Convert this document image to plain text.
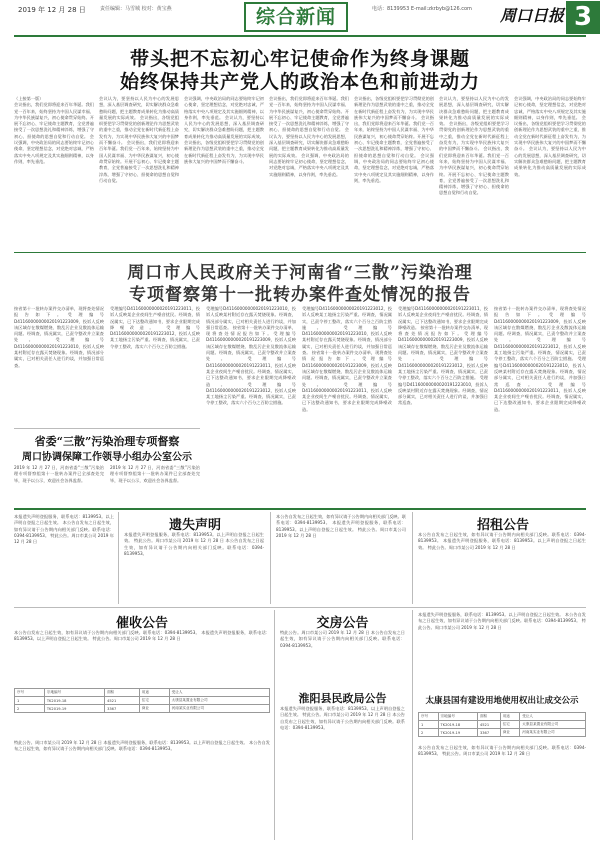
2019 年 12 月 28 日	责任编辑：马雪城 校对：黄宝燕	综合新闻	电话：8139953 E-mail:zkrbyb@126.com 周口日报 3
带头把不忘初心牢记使命作为终身课题
始终保持共产党人的政治本色和前进动力
（上接第一版）
会议指出，我们党即将迎来百年华诞。我们党一百年来，始终坚持为中国人民谋幸福、为中华民族谋复兴，初心使命贯穿始终。开展不忘初心、牢记使命主题教育，全党普遍接受了一次思想洗礼和精神淬炼，增强了守初心、担使命的思想自觉和行动自觉。 会议强调，中央政治局的同志要始终牢记初心使命，坚定理想信念，对党绝对忠诚，严格落实中央八项规定及其实施细则精神，以身作则，率先垂范。
会议认为，要坚持以人民为中心的发展思想，深入基层调查研究，切实解决群众急难愁盼问题，把主题教育成果转化为推动高质量发展的实际成效。 会议指出，各级党组织要把学习贯彻党的创新理论作为思想武装的重中之重，推动全党在新时代新征程上奋发有为，为实现中华民族伟大复兴的中国梦而不懈奋斗。 会议指出，我们党即将迎来百年华诞。我们党一百年来，始终坚持为中国人民谋幸福、为中华民族谋复兴，初心使命贯穿始终。开展不忘初心、牢记使命主题教育，全党普遍接受了一次思想洗礼和精神淬炼，增强了守初心、担使命的思想自觉和行动自觉。
会议强调，中央政治局的同志要始终牢记初心使命，坚定理想信念，对党绝对忠诚，严格落实中央八项规定及其实施细则精神，以身作则，率先垂范。 会议认为，要坚持以人民为中心的发展思想，深入基层调查研究，切实解决群众急难愁盼问题，把主题教育成果转化为推动高质量发展的实际成效。 会议指出，各级党组织要把学习贯彻党的创新理论作为思想武装的重中之重，推动全党在新时代新征程上奋发有为，为实现中华民族伟大复兴的中国梦而不懈奋斗。
会议指出，我们党即将迎来百年华诞。我们党一百年来，始终坚持为中国人民谋幸福、为中华民族谋复兴，初心使命贯穿始终。开展不忘初心、牢记使命主题教育，全党普遍接受了一次思想洗礼和精神淬炼，增强了守初心、担使命的思想自觉和行动自觉。 会议认为，要坚持以人民为中心的发展思想，深入基层调查研究，切实解决群众急难愁盼问题，把主题教育成果转化为推动高质量发展的实际成效。 会议强调，中央政治局的同志要始终牢记初心使命，坚定理想信念，对党绝对忠诚，严格落实中央八项规定及其实施细则精神，以身作则，率先垂范。
会议指出，各级党组织要把学习贯彻党的创新理论作为思想武装的重中之重，推动全党在新时代新征程上奋发有为，为实现中华民族伟大复兴的中国梦而不懈奋斗。 会议指出，我们党即将迎来百年华诞。我们党一百年来，始终坚持为中国人民谋幸福、为中华民族谋复兴，初心使命贯穿始终。开展不忘初心、牢记使命主题教育，全党普遍接受了一次思想洗礼和精神淬炼，增强了守初心、担使命的思想自觉和行动自觉。 会议强调，中央政治局的同志要始终牢记初心使命，坚定理想信念，对党绝对忠诚，严格落实中央八项规定及其实施细则精神，以身作则，率先垂范。
会议认为，要坚持以人民为中心的发展思想，深入基层调查研究，切实解决群众急难愁盼问题，把主题教育成果转化为推动高质量发展的实际成效。 会议指出，各级党组织要把学习贯彻党的创新理论作为思想武装的重中之重，推动全党在新时代新征程上奋发有为，为实现中华民族伟大复兴的中国梦而不懈奋斗。 会议指出，我们党即将迎来百年华诞。我们党一百年来，始终坚持为中国人民谋幸福、为中华民族谋复兴，初心使命贯穿始终。开展不忘初心、牢记使命主题教育，全党普遍接受了一次思想洗礼和精神淬炼，增强了守初心、担使命的思想自觉和行动自觉。
会议强调，中央政治局的同志要始终牢记初心使命，坚定理想信念，对党绝对忠诚，严格落实中央八项规定及其实施细则精神，以身作则，率先垂范。 会议指出，各级党组织要把学习贯彻党的创新理论作为思想武装的重中之重，推动全党在新时代新征程上奋发有为，为实现中华民族伟大复兴的中国梦而不懈奋斗。 会议认为，要坚持以人民为中心的发展思想，深入基层调查研究，切实解决群众急难愁盼问题，把主题教育成果转化为推动高质量发展的实际成效。
周口市人民政府关于河南省“三散”污染治理
专项督察第十一批转办案件查处情况的报告
按省第十一批转办案件交办清单，现将查处情况报告如下。受理编号D41160000000020191223009，投诉人反映该区域存在散煤燃烧、散乱污企业及散流体运输问题。经调查，情况属实，已责令整改并立案查处。	受理编号D41160000000020191223010，投诉人反映某村附近存在露天焚烧现象。经调查，情况部分属实，已对相关责任人进行约谈，并加强日常巡查。
受理编号D41160000000020191223011，投诉人反映某企业夜间生产噪音扰民。经调查，情况属实，已下达整改通知书，要求企业限期完成降噪改造。 受理编号D41160000000020191223012，投诉人反映某工地扬尘污染严重。经调查，情况属实，已责令停工整改，落实六个百分之百防尘措施。
受理编号D41160000000020191223010，投诉人反映某村附近存在露天焚烧现象。经调查，情况部分属实，已对相关责任人进行约谈，并加强日常巡查。 按省第十一批转办案件交办清单，现将查处情况报告如下。受理编号D41160000000020191223009，投诉人反映该区域存在散煤燃烧、散乱污企业及散流体运输问题。经调查，情况属实，已责令整改并立案查处。	受理编号D41160000000020191223011，投诉人反映某企业夜间生产噪音扰民。经调查，情况属实，已下达整改通知书，要求企业限期完成降噪改造。	受理编号D41160000000020191223012，投诉人反映某工地扬尘污染严重。经调查，情况属实，已责令停工整改，落实六个百分之百防尘措施。
受理编号D41160000000020191223012，投诉人反映某工地扬尘污染严重。经调查，情况属实，已责令停工整改，落实六个百分之百防尘措施。	受理编号D41160000000020191223010，投诉人反映某村附近存在露天焚烧现象。经调查，情况部分属实，已对相关责任人进行约谈，并加强日常巡查。 按省第十一批转办案件交办清单，现将查处情况报告如下。受理编号D41160000000020191223009，投诉人反映该区域存在散煤燃烧、散乱污企业及散流体运输问题。经调查，情况属实，已责令整改并立案查处。	受理编号D41160000000020191223011，投诉人反映某企业夜间生产噪音扰民。经调查，情况属实，已下达整改通知书，要求企业限期完成降噪改造。
受理编号D41160000000020191223011，投诉人反映某企业夜间生产噪音扰民。经调查，情况属实，已下达整改通知书，要求企业限期完成降噪改造。 按省第十一批转办案件交办清单，现将查处情况报告如下。受理编号D41160000000020191223009，投诉人反映该区域存在散煤燃烧、散乱污企业及散流体运输问题。经调查，情况属实，已责令整改并立案查处。	受理编号D41160000000020191223012，投诉人反映某工地扬尘污染严重。经调查，情况属实，已责令停工整改，落实六个百分之百防尘措施。 受理编号D41160000000020191223010，投诉人反映某村附近存在露天焚烧现象。经调查，情况部分属实，已对相关责任人进行约谈，并加强日常巡查。
按省第十一批转办案件交办清单，现将查处情况报告如下。受理编号D41160000000020191223009，投诉人反映该区域存在散煤燃烧、散乱污企业及散流体运输问题。经调查，情况属实，已责令整改并立案查处。	受理编号D41160000000020191223012，投诉人反映某工地扬尘污染严重。经调查，情况属实，已责令停工整改，落实六个百分之百防尘措施。 受理编号D41160000000020191223010，投诉人反映某村附近存在露天焚烧现象。经调查，情况部分属实，已对相关责任人进行约谈，并加强日常巡查。 受理编号D41160000000020191223011，投诉人反映某企业夜间生产噪音扰民。经调查，情况属实，已下达整改通知书，要求企业限期完成降噪改造。
省委“三散”污染治理专项督察
周口协调保障工作领导小组办公室公示
2019 年 12 月 27 日，河南省委“三散”污染治理专项督察组第十一批转办案件已全部查处完毕，现予以公示，欢迎社会各界监督。
2019 年 12 月 27 日，河南省委“三散”污染治理专项督察组第十一批转办案件已全部查处完毕，现予以公示，欢迎社会各界监督。
本报遗失声明登报服务，联系电话：8139953。以上声明自登报之日起生效。 本公告自发布之日起生效，如有异议请于公告期内向相关部门反映。联系电话：0394-8139953。 特此公告。周口市某公司 2019 年 12 月 28 日
遗失声明
本报遗失声明登报服务，联系电话：8139953。以上声明自登报之日起生效。 特此公告。周口市某公司 2019 年 12 月 28 日 本公告自发布之日起生效，如有异议请于公告期内向相关部门反映。联系电话：0394-8139953。
本公告自发布之日起生效，如有异议请于公告期内向相关部门反映。联系电话：0394-8139953。 本报遗失声明登报服务，联系电话：8139953。以上声明自登报之日起生效。 特此公告。周口市某公司 2019 年 12 月 28 日
招租公告
本公告自发布之日起生效，如有异议请于公告期内向相关部门反映。联系电话：0394-8139953。 本报遗失声明登报服务，联系电话：8139953。以上声明自登报之日起生效。 特此公告。周口市某公司 2019 年 12 月 28 日
催收公告
本公告自发布之日起生效，如有异议请于公告期内向相关部门反映。联系电话：0394-8139953。 本报遗失声明登报服务，联系电话：8139953。以上声明自登报之日起生效。 特此公告。周口市某公司 2019 年 12 月 28 日
交房公告
特此公告。周口市某公司 2019 年 12 月 28 日 本公告自发布之日起生效，如有异议请于公告期内向相关部门反映。联系电话：0394-8139953。
本报遗失声明登报服务，联系电话：8139953。以上声明自登报之日起生效。 本公告自发布之日起生效，如有异议请于公告期内向相关部门反映。联系电话：0394-8139953。 特此公告。周口市某公司 2019 年 12 月 28 日
序号	宗地编号	面积	用途	受让人
1	TK2019-18	4521	住宅	太康县某置业有限公司
2	TK2019-19	3367	商业	河南某实业有限公司
淮阳县民政局公告
本报遗失声明登报服务，联系电话：8139953。以上声明自登报之日起生效。 特此公告。周口市某公司 2019 年 12 月 28 日 本公告自发布之日起生效，如有异议请于公告期内向相关部门反映。联系电话：0394-8139953。
太康县国有建设用地使用权出让成交公示
序号	宗地编号	面积	用途	受让人
1	TK2019-18	4521	住宅	太康县某置业有限公司
2	TK2019-19	3367	商业	河南某实业有限公司
本公告自发布之日起生效，如有异议请于公告期内向相关部门反映。联系电话：0394-8139953。 特此公告。周口市某公司 2019 年 12 月 28 日
特此公告。周口市某公司 2019 年 12 月 28 日 本报遗失声明登报服务，联系电话：8139953。以上声明自登报之日起生效。 本公告自发布之日起生效，如有异议请于公告期内向相关部门反映。联系电话：0394-8139953。
